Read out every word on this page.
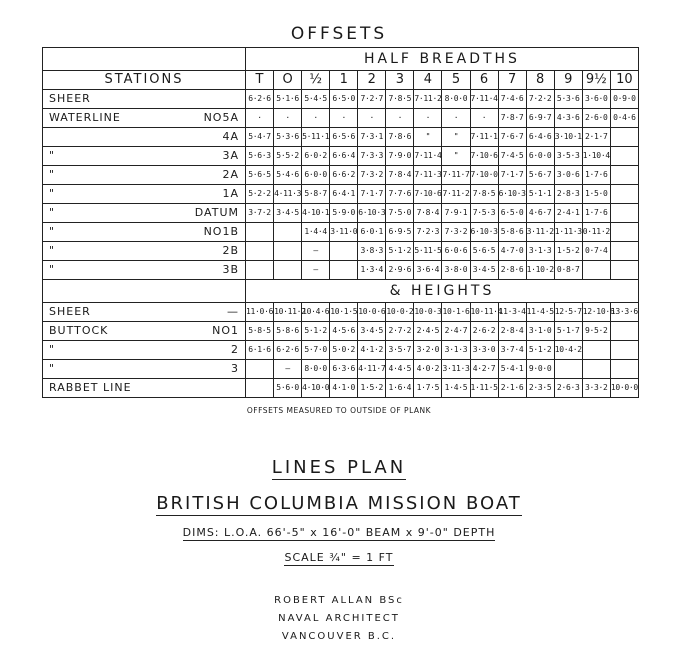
OFFSETS
	HALF BREADTHS													
STATIONS	T	O	½	1	2	3	4	5	6	7	8	9	9½	10
SHEER	6·2·6	5·1·6	5·4·5	6·5·0	7·2·7	7·8·5	7·11·2	8·0·0	7·11·4	7·4·6	7·2·2	5·3·6	3·6·0	0·9·0
WATERLINE NO5A	·	·	·	·	·	·	·	·	·	7·8·7	6·9·7	4·3·6	2·6·0	0·4·6

4A	5·4·7	5·3·6	5·11·1	6·5·6	7·3·1	7·8·6	"	"	7·11·1	7·6·7	6·4·6	3·10·1	2·1·7	
" 3A	5·6·3	5·5·2	6·0·2	6·6·4	7·3·3	7·9·0	7·11·4	"	7·10·6	7·4·5	6·0·0	3·5·3	1·10·4	
" 2A	5·6·5	5·4·6	6·0·0	6·6·2	7·3·2	7·8·4	7·11·3	7·11·7	7·10·0	7·1·7	5·6·7	3·0·6	1·7·6	
" 1A	5·2·2	4·11·3	5·8·7	6·4·1	7·1·7	7·7·6	7·10·6	7·11·2	7·8·5	6·10·3	5·1·1	2·8·3	1·5·0	
" DATUM	3·7·2	3·4·5	4·10·1	5·9·0	6·10·3	7·5·0	7·8·4	7·9·1	7·5·3	6·5·0	4·6·7	2·4·1	1·7·6	
" NO1B			1·4·4	3·11·0	6·0·1	6·9·5	7·2·3	7·3·2	6·10·3	5·8·6	3·11·2	1·11·3	0·11·2	
" 2B			—		3·8·3	5·1·2	5·11·5	6·0·6	5·6·5	4·7·0	3·1·3	1·5·2	0·7·4	
" 3B			—		1·3·4	2·9·6	3·6·4	3·8·0	3·4·5	2·8·6	1·10·2	0·8·7		
	& HEIGHTS													
SHEER —	11·0·6	10·11·2	10·4·6	10·1·5	10·0·6	10·0·2	10·0·3	10·1·6	10·11·4	11·3·4	11·4·5	12·5·7	12·10·6	13·3·6
BUTTOCK NO1	5·8·5	5·8·6	5·1·2	4·5·6	3·4·5	2·7·2	2·4·5	2·4·7	2·6·2	2·8·4	3·1·0	5·1·7	9·5·2	
" 2	6·1·6	6·2·6	5·7·0	5·0·2	4·1·2	3·5·7	3·2·0	3·1·3	3·3·0	3·7·4	5·1·2	10·4·2		
" 3		—	8·0·0	6·3·6	4·11·7	4·4·5	4·0·2	3·11·3	4·2·7	5·4·1	9·0·0			
RABBET LINE		5·6·0	4·10·0	4·1·0	1·5·2	1·6·4	1·7·5	1·4·5	1·11·5	2·1·6	2·3·5	2·6·3	3·3·2	10·0·0
OFFSETS MEASURED TO OUTSIDE OF PLANK
LINES PLAN
BRITISH COLUMBIA MISSION BOAT
DIMS: L.O.A. 66'-5" x 16'-0" BEAM x 9'-0" DEPTH
SCALE ¾" = 1 FT
ROBERT ALLAN BSc
NAVAL ARCHITECT
VANCOUVER B.C.
